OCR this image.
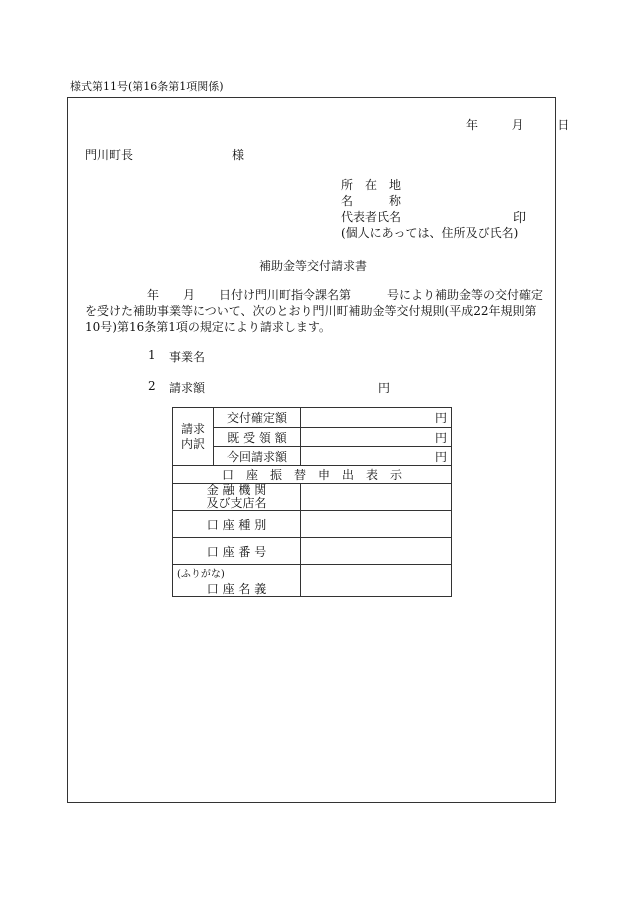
様式第11号(第16条第1項関係)
年	月	日
門川町長	様
所　在　地
名　　　称
代表者氏名	印
(個人にあっては、住所及び氏名)
補助金等交付請求書
年　　月　　日付け門川町指令課名第　　　号により補助金等の交付確定
を受けた補助事業等について、次のとおり門川町補助金等交付規則(平成22年規則第
10号)第16条第1項の規定により請求します。
1 事業名
2 請求額	円
請求
内訳	交付確定額	円
	既 受 領 額	円
	今回請求額	円
口　座　振　替　申　出　表　示		
金 融 機 関
及び支店名		
口 座 種 別		
口 座 番 号		
(ふりがな)

口 座 名 義		
